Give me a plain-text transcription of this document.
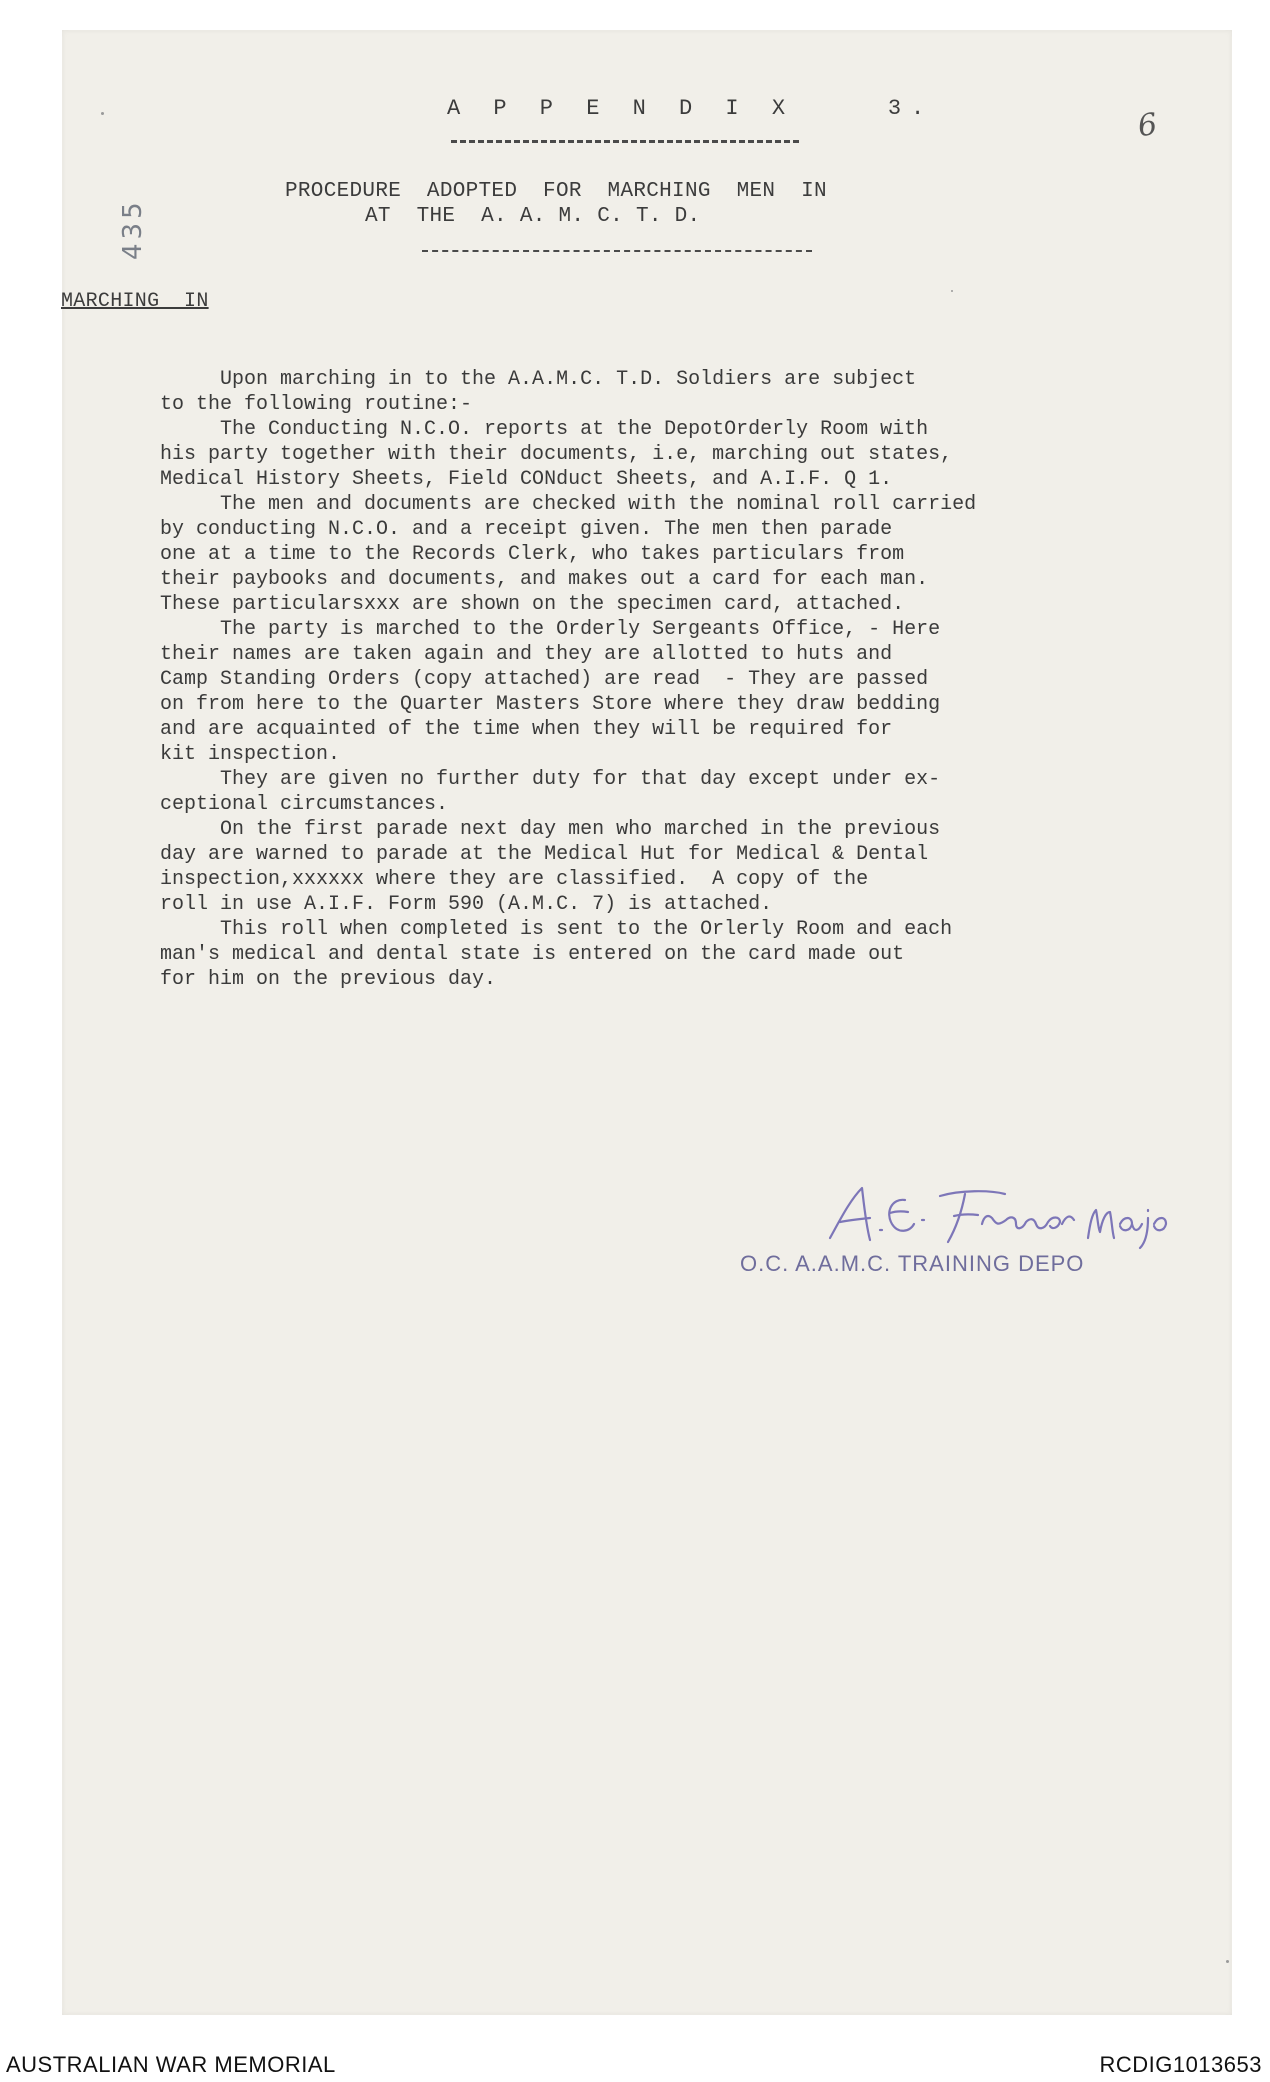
A P P E N D I X    3.
PROCEDURE  ADOPTED  FOR  MARCHING  MEN  IN
AT  THE  A. A. M. C. T. D.
6
435
MARCHING  IN
Upon marching in to the A.A.M.C. T.D. Soldiers are subject
to the following routine:-
The Conducting N.C.O. reports at the DepotOrderly Room with
his party together with their documents, i.e, marching out states,
Medical History Sheets, Field CONduct Sheets, and A.I.F. Q 1.
The men and documents are checked with the nominal roll carried
by conducting N.C.O. and a receipt given. The men then parade
one at a time to the Records Clerk, who takes particulars from
their paybooks and documents, and makes out a card for each man.
These particularsxxx are shown on the specimen card, attached.
The party is marched to the Orderly Sergeants Office, - Here
their names are taken again and they are allotted to huts and
Camp Standing Orders (copy attached) are read  - They are passed
on from here to the Quarter Masters Store where they draw bedding
and are acquainted of the time when they will be required for
kit inspection.
They are given no further duty for that day except under ex-
ceptional circumstances.
On the first parade next day men who marched in the previous
day are warned to parade at the Medical Hut for Medical & Dental
inspection,xxxxxx where they are classified.  A copy of the
roll in use A.I.F. Form 590 (A.M.C. 7) is attached.
This roll when completed is sent to the Orlerly Room and each
man's medical and dental state is entered on the card made out
for him on the previous day.
O.C. A.A.M.C. TRAINING DEPO
AUSTRALIAN WAR MEMORIAL	RCDIG1013653
